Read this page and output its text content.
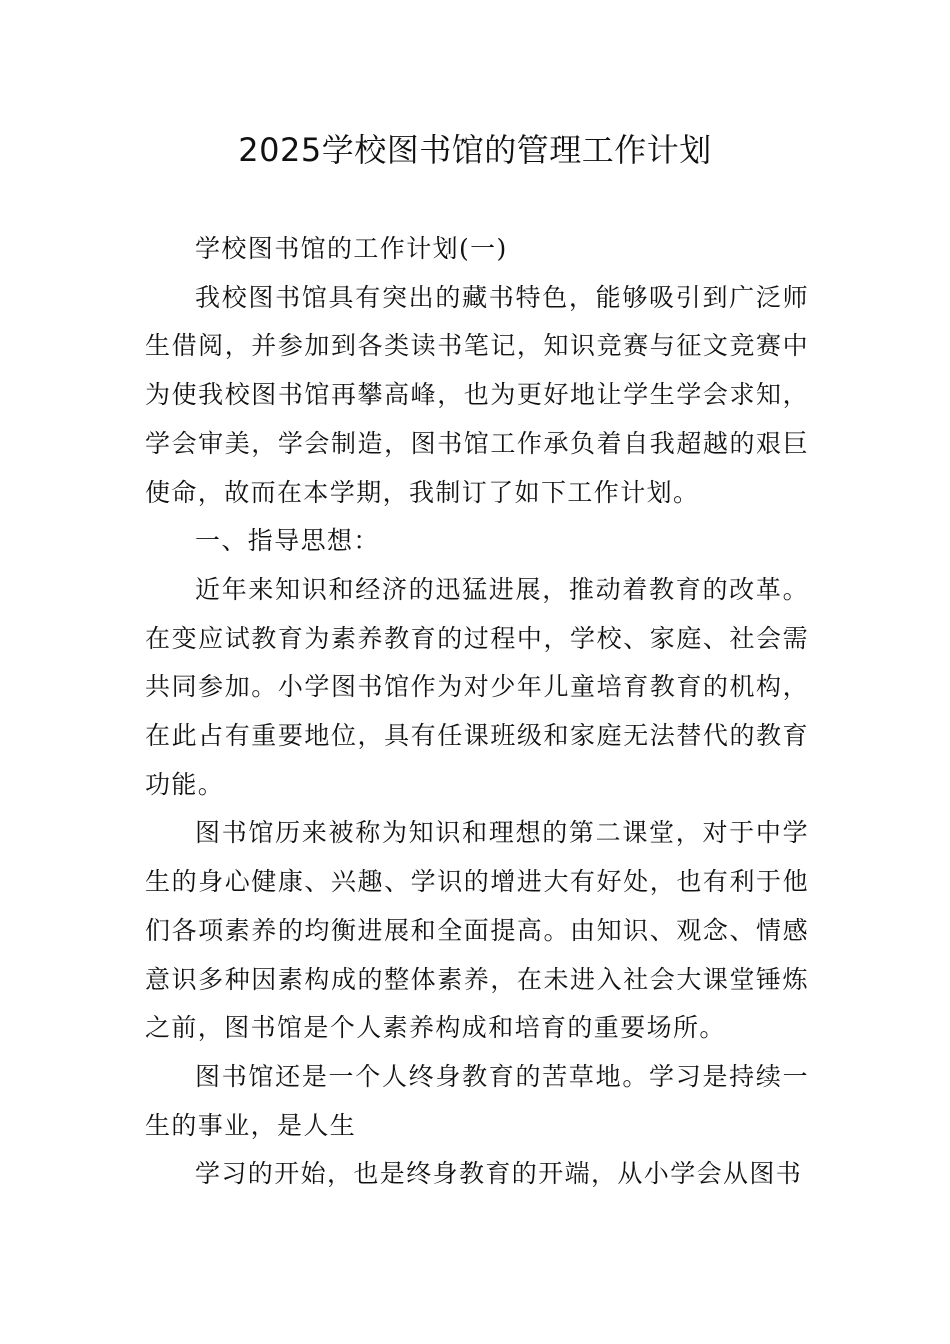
2025学校图书馆的管理工作计划

学校图书馆的工作计划(一)

我校图书馆具有突出的藏书特色，能够吸引到广泛师生借阅，并参加到各类读书笔记，知识竞赛与征文竞赛中为使我校图书馆再攀高峰，也为更好地让学生学会求知，学会审美，学会制造，图书馆工作承负着自我超越的艰巨使命，故而在本学期，我制订了如下工作计划。

一、指导思想：

近年来知识和经济的迅猛进展，推动着教育的改革。在变应试教育为素养教育的过程中，学校、家庭、社会需共同参加。小学图书馆作为对少年儿童培育教育的机构，在此占有重要地位，具有任课班级和家庭无法替代的教育功能。

图书馆历来被称为知识和理想的第二课堂，对于中学生的身心健康、兴趣、学识的增进大有好处，也有利于他们各项素养的均衡进展和全面提高。由知识、观念、情感意识多种因素构成的整体素养，在未进入社会大课堂锤炼之前，图书馆是个人素养构成和培育的重要场所。

图书馆还是一个人终身教育的苦草地。学习是持续一生的事业，是人生

学习的开始，也是终身教育的开端，从小学会从图书
